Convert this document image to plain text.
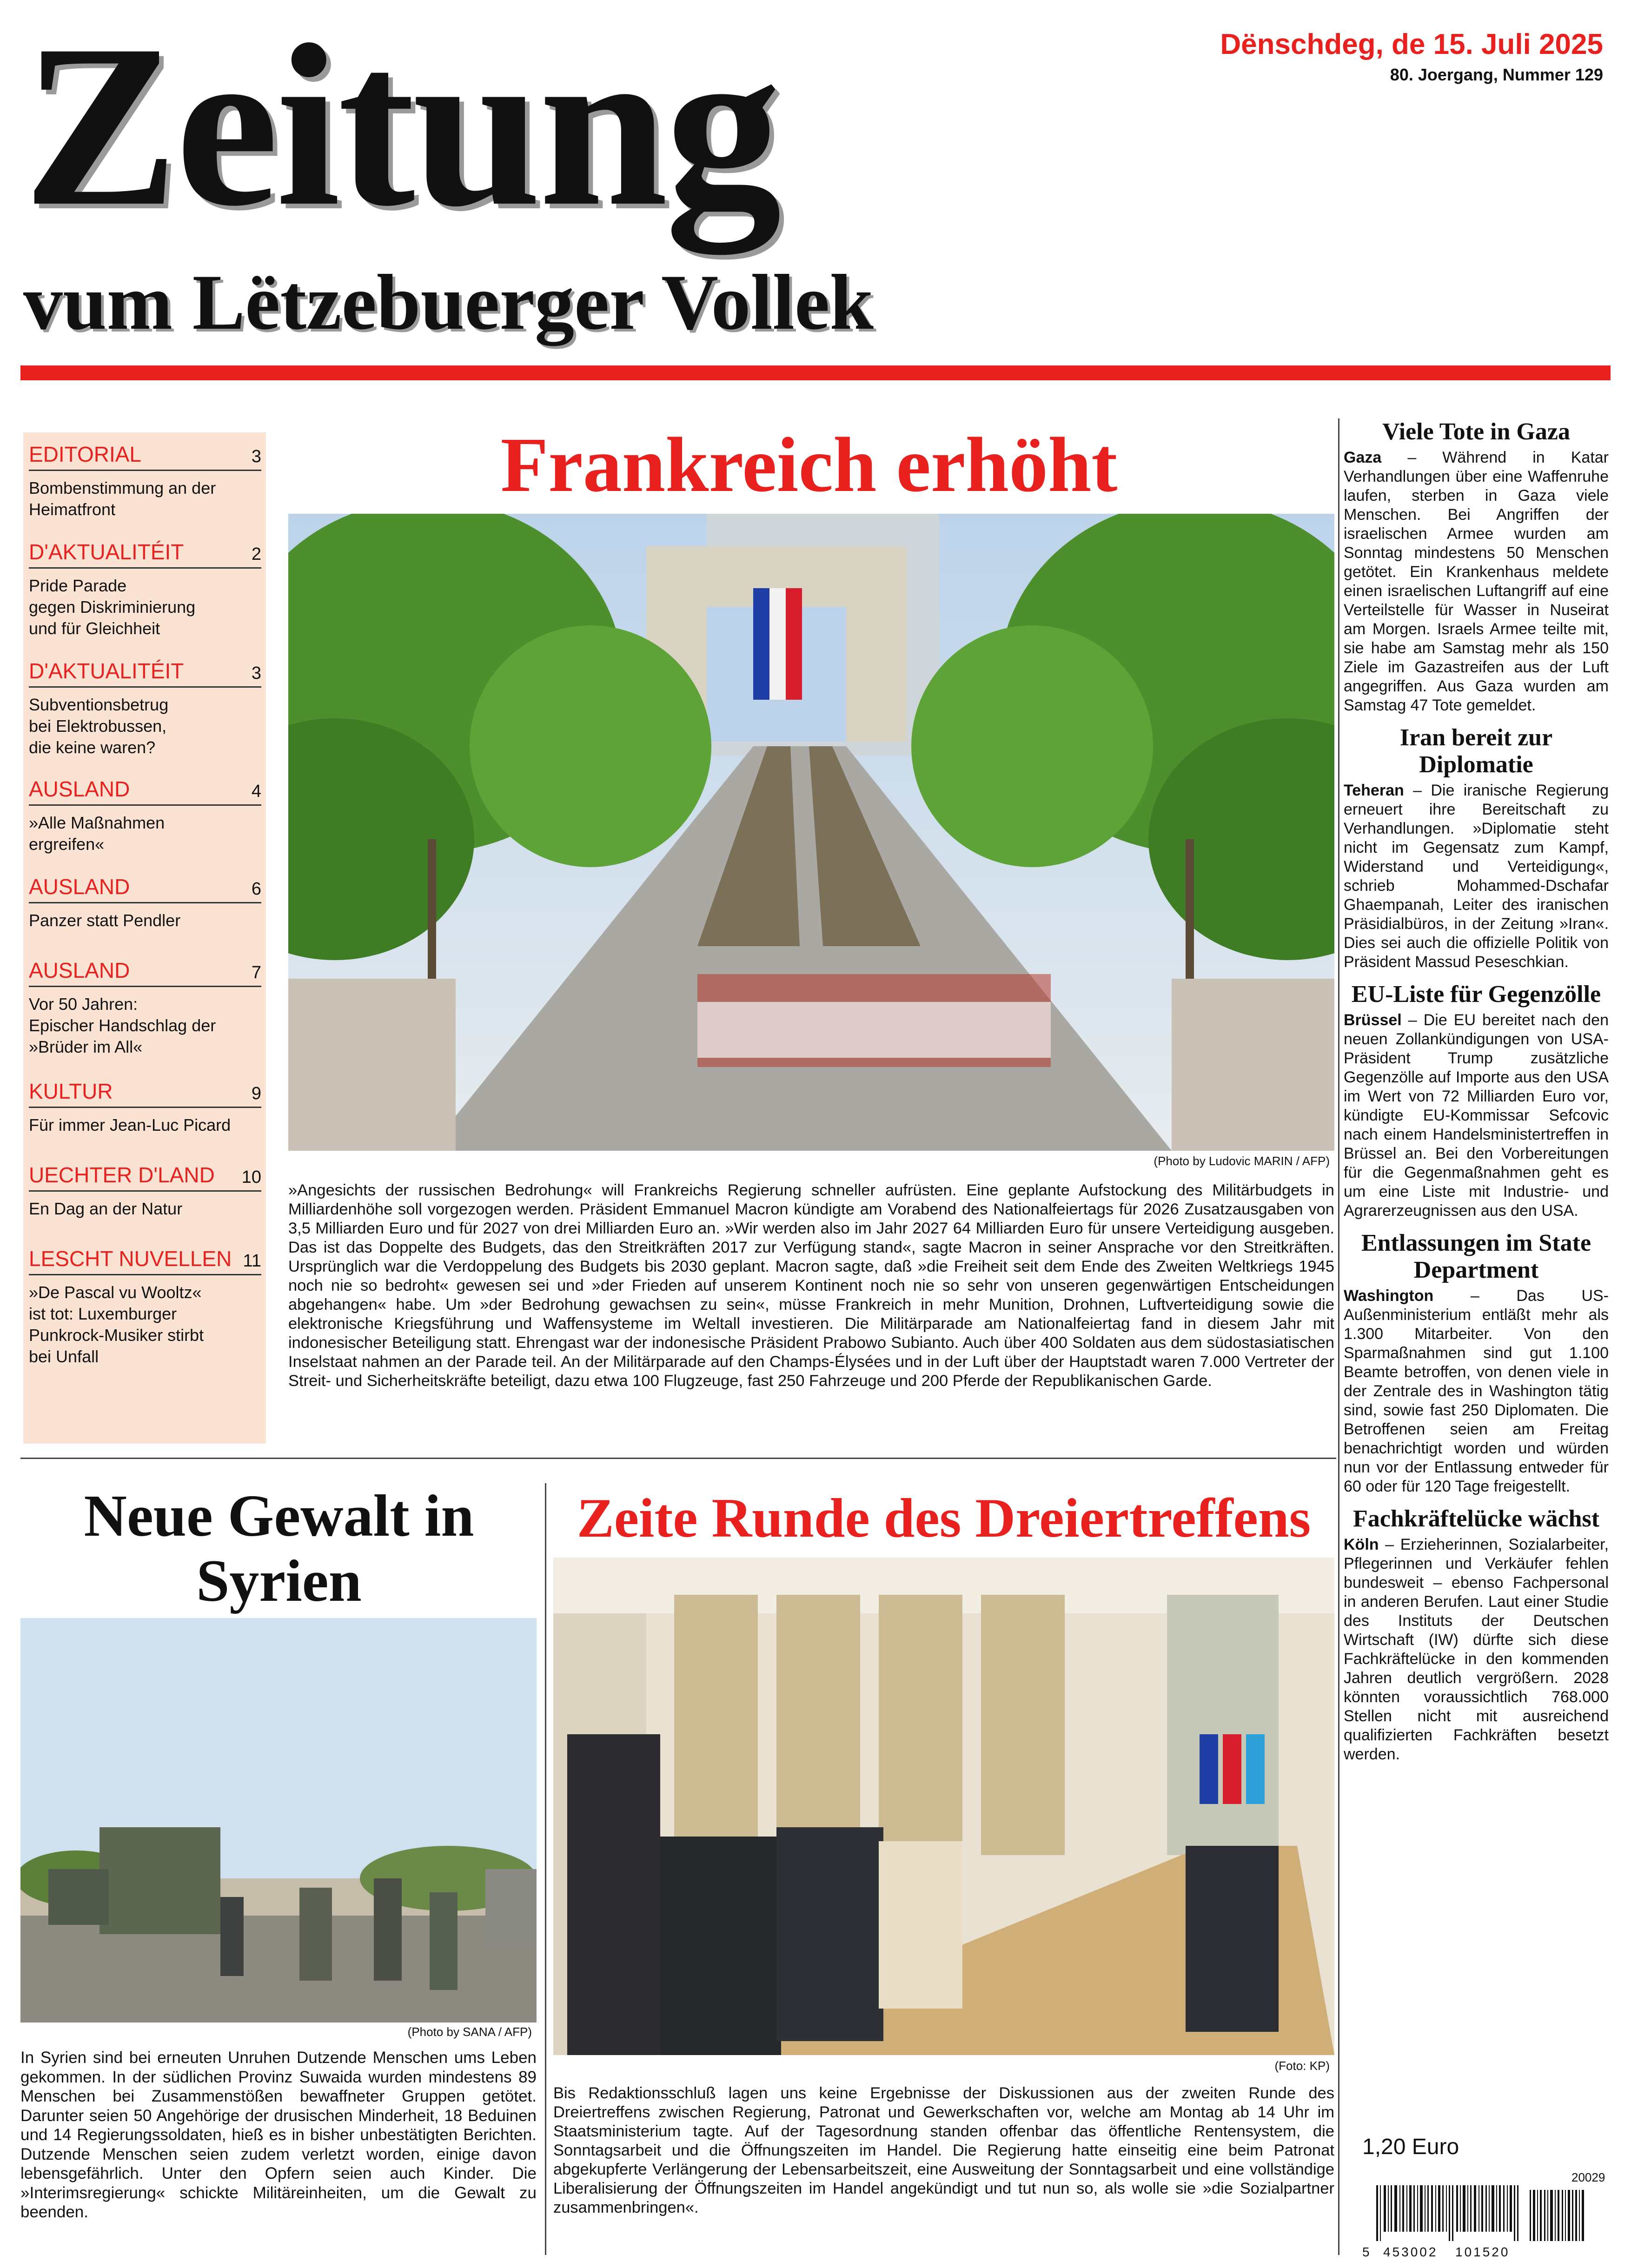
Zeitung
vum Lëtzebuerger Vollek
Dënschdeg, de 15. Juli 2025
80. Joergang, Nummer 129
EDITORIAL	3
Bombenstimmung an der
Heimatfront
D'AKTUALITÉIT	2
Pride Parade
gegen Diskriminierung
und für Gleichheit
D'AKTUALITÉIT	3
Subventionsbetrug
bei Elektrobussen,
die keine waren?
AUSLAND	4
»Alle Maßnahmen
ergreifen«
AUSLAND	6
Panzer statt Pendler
AUSLAND	7
Vor 50 Jahren:
Epischer Handschlag der
»Brüder im All«
KULTUR	9
Für immer Jean-Luc Picard
UECHTER D'LAND 10
En Dag an der Natur
LESCHT NUVELLEN 11
»De Pascal vu Wooltz«
ist tot: Luxemburger
Punkrock-Musiker stirbt
bei Unfall
Frankreich erhöht
(Photo by Ludovic MARIN / AFP)
»Angesichts der russischen Bedrohung« will Frankreichs Regierung schneller aufrüsten. Eine geplante Aufstockung des Militärbudgets in Milliardenhöhe soll vorgezogen werden. Präsident Emmanuel Macron kündigte am Vorabend des Nationalfeiertags für 2026 Zusatzausgaben von 3,5 Milliarden Euro und für 2027 von drei Milliarden Euro an. »Wir werden also im Jahr 2027 64 Milliarden Euro für unsere Verteidigung ausgeben. Das ist das Doppelte des Budgets, das den Streitkräften 2017 zur Verfügung stand«, sagte Macron in seiner Ansprache vor den Streitkräften. Ursprünglich war die Verdoppelung des Budgets bis 2030 geplant. Macron sagte, daß »die Freiheit seit dem Ende des Zweiten Weltkriegs 1945 noch nie so bedroht« gewesen sei und »der Frieden auf unserem Kontinent noch nie so sehr von unseren gegenwärtigen Entscheidungen abgehangen« habe. Um »der Bedrohung gewachsen zu sein«, müsse Frankreich in mehr Munition, Drohnen, Luftverteidigung sowie die elektronische Kriegsführung und Waffensysteme im Weltall investieren. Die Militärparade am Nationalfeiertag fand in diesem Jahr mit indonesischer Beteiligung statt. Ehrengast war der indonesische Präsident Prabowo Subianto. Auch über 400 Soldaten aus dem südostasiatischen Inselstaat nahmen an der Parade teil. An der Militärparade auf den Champs-Élysées und in der Luft über der Hauptstadt waren 7.000 Vertreter der Streit- und Sicherheitskräfte beteiligt, dazu etwa 100 Flugzeuge, fast 250 Fahrzeuge und 200 Pferde der Republikanischen Garde.
Neue Gewalt in Syrien
(Photo by SANA / AFP)
In Syrien sind bei erneuten Unruhen Dutzende Menschen ums Leben gekommen. In der südlichen Provinz Suwaida wurden mindestens 89 Menschen bei Zusammenstößen bewaffneter Gruppen getötet. Darunter seien 50 Angehörige der drusischen Minderheit, 18 Beduinen und 14 Regierungssoldaten, hieß es in bisher unbestätigten Berichten. Dutzende Menschen seien zudem verletzt worden, einige davon lebensgefährlich. Unter den Opfern seien auch Kinder. Die »Interimsregierung« schickte Militäreinheiten, um die Gewalt zu beenden.
Zeite Runde des Dreiertreffens
(Foto: KP)
Bis Redaktionsschluß lagen uns keine Ergebnisse der Diskussionen aus der zweiten Runde des Dreiertreffens zwischen Regierung, Patronat und Gewerkschaften vor, welche am Montag ab 14 Uhr im Staatsministerium tagte. Auf der Tagesordnung standen offenbar das öffentliche Rentensystem, die Sonntagsarbeit und die Öffnungszeiten im Handel. Die Regierung hatte einseitig eine beim Patronat abgekupferte Verlängerung der Lebensarbeitszeit, eine Ausweitung der Sonntagsarbeit und eine vollständige Liberalisierung der Öffnungszeiten im Handel angekündigt und tut nun so, als wolle sie »die Sozialpartner zusammenbringen«.
Viele Tote in Gaza
Gaza – Während in Katar Verhandlungen über eine Waffenruhe laufen, sterben in Gaza viele Menschen. Bei Angriffen der israelischen Armee wurden am Sonntag mindestens 50 Menschen getötet. Ein Krankenhaus meldete einen israelischen Luftangriff auf eine Verteilstelle für Wasser in Nuseirat am Morgen. Israels Armee teilte mit, sie habe am Samstag mehr als 150 Ziele im Gazastreifen aus der Luft angegriffen. Aus Gaza wurden am Samstag 47 Tote gemeldet.
Iran bereit zur Diplomatie
Teheran – Die iranische Regierung erneuert ihre Bereitschaft zu Verhandlungen. »Diplomatie steht nicht im Gegensatz zum Kampf, Widerstand und Verteidigung«, schrieb Mohammed-Dschafar Ghaempanah, Leiter des iranischen Präsidialbüros, in der Zeitung »Iran«. Dies sei auch die offizielle Politik von Präsident Massud Peseschkian.
EU-Liste für Gegenzölle
Brüssel – Die EU bereitet nach den neuen Zollankündigungen von USA-Präsident Trump zusätzliche Gegenzölle auf Importe aus den USA im Wert von 72 Milliarden Euro vor, kündigte EU-Kommissar Sefcovic nach einem Handelsministertreffen in Brüssel an. Bei den Vorbereitungen für die Gegenmaßnahmen geht es um eine Liste mit Industrie- und Agrarerzeugnissen aus den USA.
Entlassungen im State Department
Washington – Das US-Außenministerium entläßt mehr als 1.300 Mitarbeiter. Von den Sparmaßnahmen sind gut 1.100 Beamte betroffen, von denen viele in der Zentrale des in Washington tätig sind, sowie fast 250 Diplomaten. Die Betroffenen seien am Freitag benachrichtigt worden und würden nun vor der Entlassung entweder für 60 oder für 120 Tage freigestellt.
Fachkräftelücke wächst
Köln – Erzieherinnen, Sozialarbeiter, Pflegerinnen und Verkäufer fehlen bundesweit – ebenso Fachpersonal in anderen Berufen. Laut einer Studie des Instituts der Deutschen Wirtschaft (IW) dürfte sich diese Fachkräftelücke in den kommenden Jahren deutlich vergrößern. 2028 könnten voraussichtlich 768.000 Stellen nicht mit ausreichend qualifizierten Fachkräften besetzt werden.
1,20 Euro
20029
5 453002 101520
